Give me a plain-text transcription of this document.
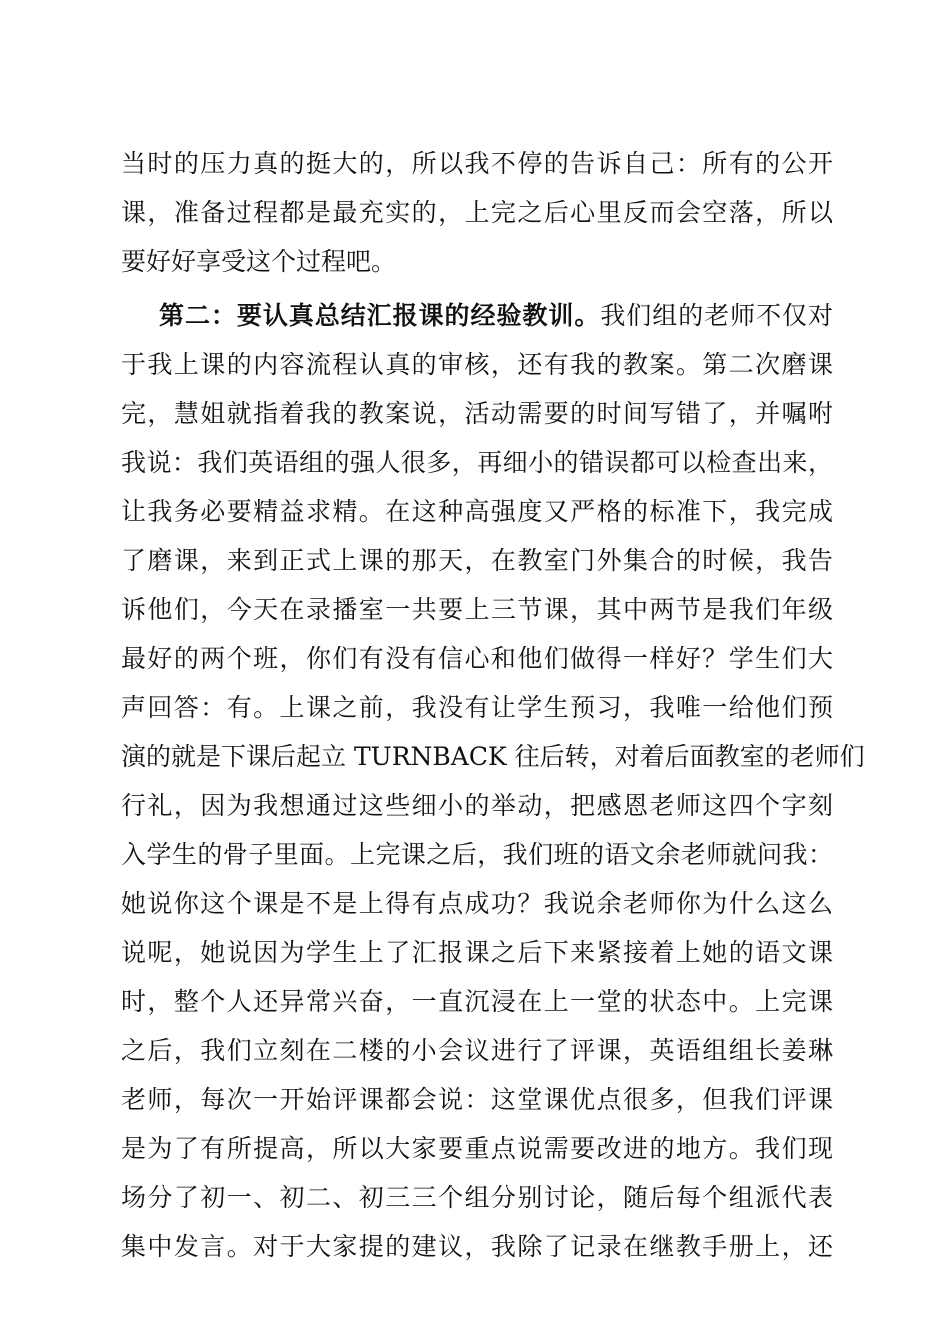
当时的压力真的挺大的，所以我不停的告诉自己：所有的公开
课，准备过程都是最充实的，上完之后心里反而会空落，所以
要好好享受这个过程吧。
第二：要认真总结汇报课的经验教训。我们组的老师不仅对
于我上课的内容流程认真的审核，还有我的教案。第二次磨课
完，慧姐就指着我的教案说，活动需要的时间写错了，并嘱咐
我说：我们英语组的强人很多，再细小的错误都可以检查出来，
让我务必要精益求精。在这种高强度又严格的标准下，我完成
了磨课，来到正式上课的那天，在教室门外集合的时候，我告
诉他们，今天在录播室一共要上三节课，其中两节是我们年级
最好的两个班，你们有没有信心和他们做得一样好？学生们大
声回答：有。上课之前，我没有让学生预习，我唯一给他们预
演的就是下课后起立 TURNBACK 往后转，对着后面教室的老师们
行礼，因为我想通过这些细小的举动，把感恩老师这四个字刻
入学生的骨子里面。上完课之后，我们班的语文余老师就问我：
她说你这个课是不是上得有点成功？我说余老师你为什么这么
说呢，她说因为学生上了汇报课之后下来紧接着上她的语文课
时，整个人还异常兴奋，一直沉浸在上一堂的状态中。上完课
之后，我们立刻在二楼的小会议进行了评课，英语组组长姜琳
老师，每次一开始评课都会说：这堂课优点很多，但我们评课
是为了有所提高，所以大家要重点说需要改进的地方。我们现
场分了初一、初二、初三三个组分别讨论，随后每个组派代表
集中发言。对于大家提的建议，我除了记录在继教手册上，还
